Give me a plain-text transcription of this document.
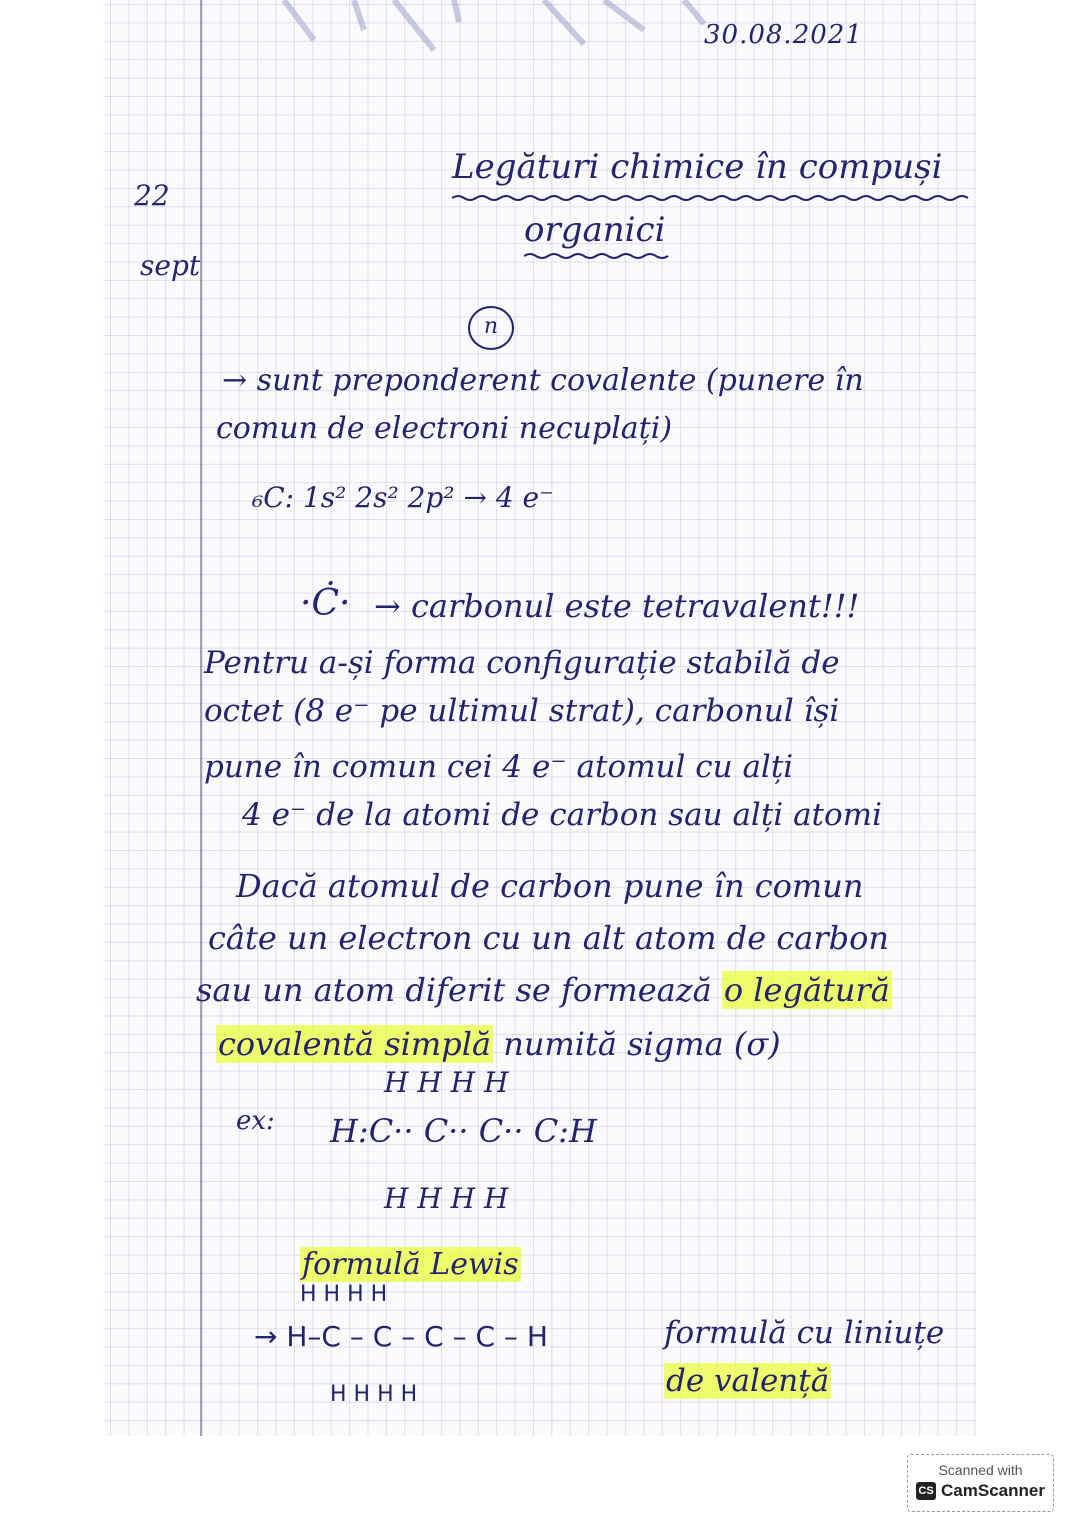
30.08.2021
22
sept
Legături chimice în compuși
organici
n
→ sunt preponderent covalente (punere în
comun de electroni necuplați)
₆C: 1s² 2s² 2p² → 4 e⁻
·Ċ· → carbonul este tetravalent!!!
Pentru a-și forma configurație stabilă de
octet (8 e⁻ pe ultimul strat), carbonul își
pune în comun cei 4 e⁻ atomul cu alți
4 e⁻ de la atomi de carbon sau alți atomi
Dacă atomul de carbon pune în comun
câte un electron cu un alt atom de carbon
sau un atom diferit se formează o legătură
covalentă simplă numită sigma (σ)
ex:
H H H H
H:C·· C·· C·· C:H
H H H H
formulă Lewis
H H H H
→ H–C – C – C – C – H
H H H H
formulă cu liniuțe
de valență
Scanned with
CS CamScanner
